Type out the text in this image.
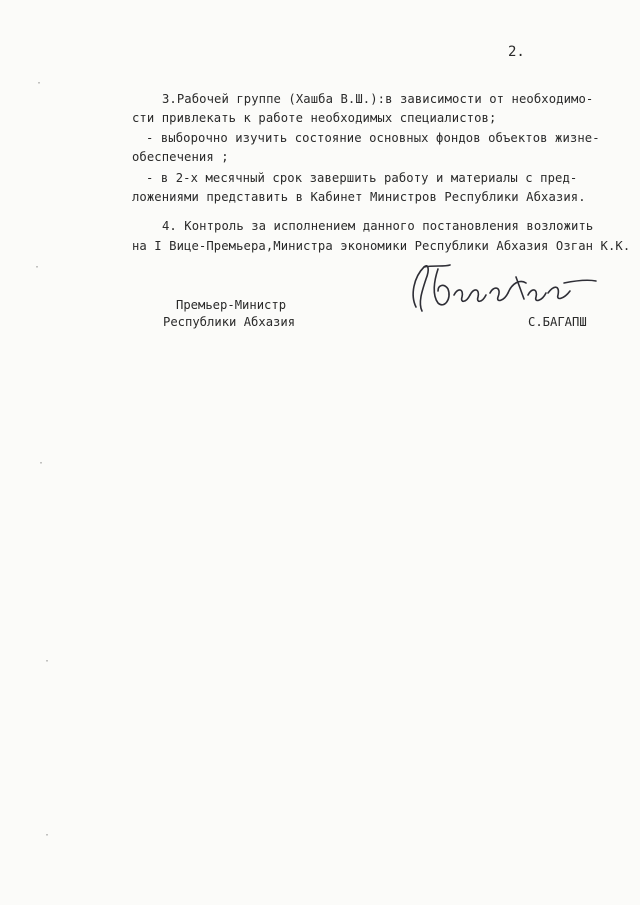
2.
3.Рабочей группе (Хашба В.Ш.):в зависимости от необходимо-
сти привлекать к работе необходимых специалистов;
- выборочно изучить состояние основных фондов объектов жизне-
обеспечения ;
- в 2-х месячный срок завершить работу и материалы с пред-
ложениями представить в Кабинет Министров Республики Абхазия.
4. Контроль за исполнением данного постановления возложить
на I Вице-Премьера,Министра экономики Республики Абхазия Озган К.К.
Премьер-Министр
Республики Абхазия	С.БАГАПШ
·
·
·
·
·
